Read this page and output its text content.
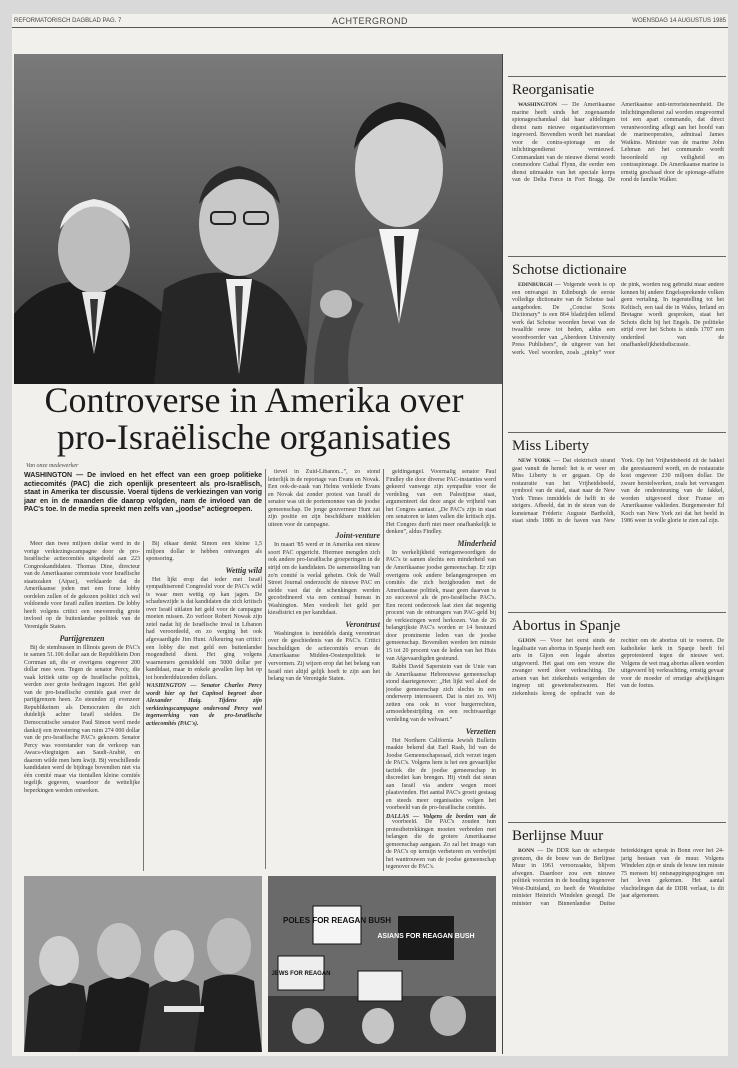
REFORMATORISCH DAGBLAD PAG. 7	ACHTERGROND	WOENSDAG 14 AUGUSTUS 1985
Controverse in Amerika over pro-Israëlische organisaties
Van onze medewerker
WASHINGTON — De invloed en het effect van een groep politieke actiecomités (PAC) die zich openlijk presenteert als pro-Israëlisch, staat in Amerika ter discussie. Voeral tijdens de verkiezingen van vorig jaar en in de maanden die daarop volgden, nam de invloed van de PAC's toe. In de media spreekt men zelfs van „joodse” actiegroepen.

Meer dan twee miljoen dollar werd in de vorige verkiezingscampagne door de pro-Israëlische actiecomités uitgedeeld aan 223 Congreskandidaten. Thomas Dine, directeur van de Amerikaanse commissie voor Israëlische staatszaken (Aipac), verklaarde dat de Amerikaanse joden met een forse lobby oordelen zullen of de gekozen politici zich wel voldoende voor Israël zullen inzetten. De lobby heeft volgens critici een onevenredig grote invloed op de buitenlandse politiek van de Verenigde Staten.

Partijgrenzen

Bij de stembussen in Illinois gaven de PAC's te samen 51.106 dollar aan de Republikein Don Cornman uit, die er overigens ongeveer 200 dollar mee won. Tegen de senator Percy, die vaak kritiek uitte op de Israëlische politiek, werden zeer grote bedragen ingezet. Het geld van de pro-Israëlische comités gaat over de partijgrenzen heen. Zo steunden zij evenzeer Republikeinen als Democraten die zich duidelijk achter Israël stelden. De Democratische senator Paul Simon werd mede dankzij een investering van ruim 274 000 dollar van de pro-Israëlische PAC's gekozen. Senator Percy was voorstander van de verkoop van Awacs-vliegtuigen aan Saudi-Arabië, en daarom wilde men hem kwijt. Bij verschillende kandidaten werd de bijdrage bovendien niet via één comité maar via tientallen kleine comités tegelijk gegeven, waardoor de wettelijke beperkingen werden ontweken.

Bij elkaar denkt Simon een kleine 1,5 miljoen dollar te hebben ontvangen als sponsoring.

Wettig wild

Het lijkt erop dat ieder met Israël sympathiserend Congreslid voor de PAC's wild is waar men wettig op kan jagen. De schaduwzijde is dat kandidaten die zich kritisch over Israël uitlaten het geld voor de campagne moeten missen. Zo verloor Robert Nowak zijn zetel nadat hij de Israëlische inval in Libanon had veroordeeld, en zo verging het ook afgevaardigde Jim Hunt. Afkeuring van critici: een lobby die met geld een buitenlandse mogendheid dient. Het ging volgens waarnemers gemiddeld om 5000 dollar per kandidaat, maar in enkele gevallen liep het op tot honderdduizenden dollars.

WASHINGTON — Senator Charles Percy wordt hier op het Capitool begroet door Alexander Haig. Tijdens zijn verkiezingscampagne ondervond Percy veel tegenwerking van de pro-Israëlische actiecomités (PAC's).

tievel in Zuid-Libanon...”, zo stond letterlijk in de reportage van Evans en Novak. Een ook-de-zaak van Helms verklede Evans en Novak dat zonder protest van Israël de senator was uit de portemonnee van de joodse gemeenschap. De jonge gouverneur Hunt zat zijn positie en zijn beschikbare middelen uiteen voor de campagne.

Joint-venture

In maart '85 werd er in Amerika een nieuw soort PAC opgericht. Hiermee mengden zich ook andere pro-Israëlische groeperingen in de strijd om de kandidaten. De samenstelling van zo'n comité is veelal geheim. Ook de Wall Street Journal onderzocht de nieuwe PAC en stelde vast dat de schenkingen werden gecoördineerd via een centraal bureau in Washington. Men verdeelt het geld per kiesdistrict en per kandidaat.

Verontrust

Washington is inmiddels danig verontrust over de geschiedenis van de PAC's. Critici beschuldigen de actiecomités ervan de Amerikaanse Midden-Oostenpolitiek te vervormen. Zij wijzen erop dat het belang van Israël niet altijd gelijk hoeft te zijn aan het belang van de Verenigde Staten.

geldingangel. Voormalig senator Paul Findley die door diverse PAC-instanties werd gekeerd vanwege zijn sympathie voor de verdeling van een Palestijnse staat, argumenteert dat deze angst de vrijheid van het Congres aantast. „De PAC's zijn in staat om senatoren te laten vallen die kritisch zijn. Het Congres durft niet meer onafhankelijk te denken”, aldus Findley.

Minderheid

In werkelijkheid vertegenwoordigen de PAC's te samen slechts een minderheid van de Amerikaanse joodse gemeenschap. Er zijn overigens ook andere belangengroepen en comités die zich bezighouden met de Amerikaanse politiek, maar geen daarvan is zo succesvol als de pro-Israëlische PAC's. Een recent onderzoek laat zien dat negentig procent van de ontvangers van PAC-geld bij de verkiezingen werd herkozen. Van de 26 belangrijkste PAC's worden er 14 bestuurd door prominente leden van de joodse gemeenschap. Bovendien werden ten minste 15 tot 20 procent van de leden van het Huis van Afgevaardigden gesteund.

Rabbi David Saperstein van de Unie van de Amerikaanse Hebreeuwse gemeenschap stond daartegenover: „Het lijkt wel alsof de joodse gemeenschap zich slechts in een onderwerp interesseert. Dat is niet zo. Wij zetten ons ook in voor burgerrechten, armoedebestrijding en een rechtvaardige verdeling van de welvaart.”

Verzetten

Het Northern California Jewish Bulletin maakte bekend dat Earl Raab, lid van de Joodse Gemeenschapsraad, zich verzet tegen de PAC's. Volgens hem is het een gevaarlijke tactiek die de joodse gemeenschap in discrediet kan brengen. Hij vindt dat steun aan Israël via andere wegen moet plaatsvinden. Het aantal PAC's groeit gestaag en steeds meer organisaties volgen het voorbeeld van de pro-Israëlische comités.

DALLAS — Volgens de borden van de

voorbeeld. De PAC's zouden hun protestbetrekkingen moeten verbreden met belangen die de grotere Amerikaanse gemeenschap aangaan. Zo zal het imago van de PAC's op termijn verbeteren en verdwijnt het wantrouwen van de joodse gemeenschap tegenover de PAC's.

POLES FOR REAGAN BUSH
ASIANS FOR REAGAN BUSH
JEWS FOR REAGAN
Reorganisatie

WASHINGTON — De Amerikaanse marine heeft sinds het zogenaamde spionageschandaal dat haar afdelingen dienst nam nieuwe organisatievormen ingevoerd. Bovendien wordt het mandaat voor de contra-spionage en de inlichtingendienst vernieuwd. Commandant van de nieuwe dienst wordt commodore Cathal Flynn, die eerder een dienst uitmaakte van het speciale korps van de Delta Force in Fort Bragg. De Amerikaanse anti-terroristeneenheid. De inlichtingendienst zal worden omgevormd tot een apart commando, dat direct verantwoording aflegt aan het hoofd van de marineoperaties, admiraal James Watkins. Minister van de marine John Lehman zei het commando wordt beoordeeld op veiligheid en contraspionage. De Amerikaanse marine is ernstig geschaad door de spionage-affaire rond de familie Walker.

Schotse dictionaire

EDINBURGH — Volgende week is op een ontvangst in Edinburgh de eerste volledige dictionaire van de Schotse taal aangeboden. De „Concise Scots Dictionary” is een 864 bladzijden tellend werk dat Schotse woorden bevat van de twaalfde eeuw tot heden, aldus een woordvoerder van „Aberdeen University Press Publishers”, de uitgever van het werk. Veel woorden, zoals „pinky” voor de pink, worden nog gebruikt maar andere kennen bij andere Engelssprekende volken geen vertaling. In tegenstelling tot het Keltisch, een taal die in Wales, Ierland en Bretagne wordt gesproken, staat het Schots dicht bij het Engels. De politieke strijd over het Schots is sinds 1707 een onderdeel van de onafhankelijkheidsdiscussie.

Miss Liberty

NEW YORK — Dat elektrisch strand gaat vanuit de hemel: het is er weer en Miss Liberty is er gegaan. Op de restauratie van het Vrijheidsbeeld, symbool van de stad, staat naar de New York Times inmiddels de helft in de steigers. Afbeeld, dat in de steun van de kunstenaar Fréderic Auguste Bartholdi, staat sinds 1886 in de haven van New York. Op het Vrijheidsbeeld zit de fakkel die gerestaureerd wordt, en de restauratie kost ongeveer 230 miljoen dollar. De zware herstelwerken, zoals het vervangen van de ondersteuning van de fakkel, worden uitgevoerd door Franse en Amerikaanse vaklieden. Burgemeester Ed Koch van New York zei dat het beeld in 1986 weer in volle glorie te zien zal zijn.

Abortus in Spanje

GIJON — Voor het eerst sinds de legalisatie van abortus in Spanje heeft een arts in Gijon een legale abortus uitgevoerd. Het gaat om een vrouw die zwanger werd door verkrachting. De artsen van het ziekenhuis weigerden de ingreep uit gewetensbezwaren. Het ziekenhuis kreeg de opdracht van de rechter om de abortus uit te voeren. De katholieke kerk in Spanje heeft fel geprotesteerd tegen de nieuwe wet. Volgens de wet mag abortus alleen worden uitgevoerd bij verkrachting, ernstig gevaar voor de moeder of ernstige afwijkingen van de foetus.

Berlijnse Muur

BONN — De DDR kan de scherpste grenzen, die de bouw van de Berlijnse Muur in 1961 veroorzaakte, blijven afwegen. Daardoor zou een nieuwe politiek voorzien in de houding tegenover West-Duitsland, zo heeft de Westduitse minister Heinrich Windelen gezegd. De minister van Binnenlandse Duitse betrekkingen sprak in Bonn over het 24-jarig bestaan van de muur. Volgens Windelen zijn er sinds de bouw ten minste 75 mensen bij ontsnappingspogingen om het leven gekomen. Het aantal vluchtelingen dat de DDR verlaat, is dit jaar afgenomen.
